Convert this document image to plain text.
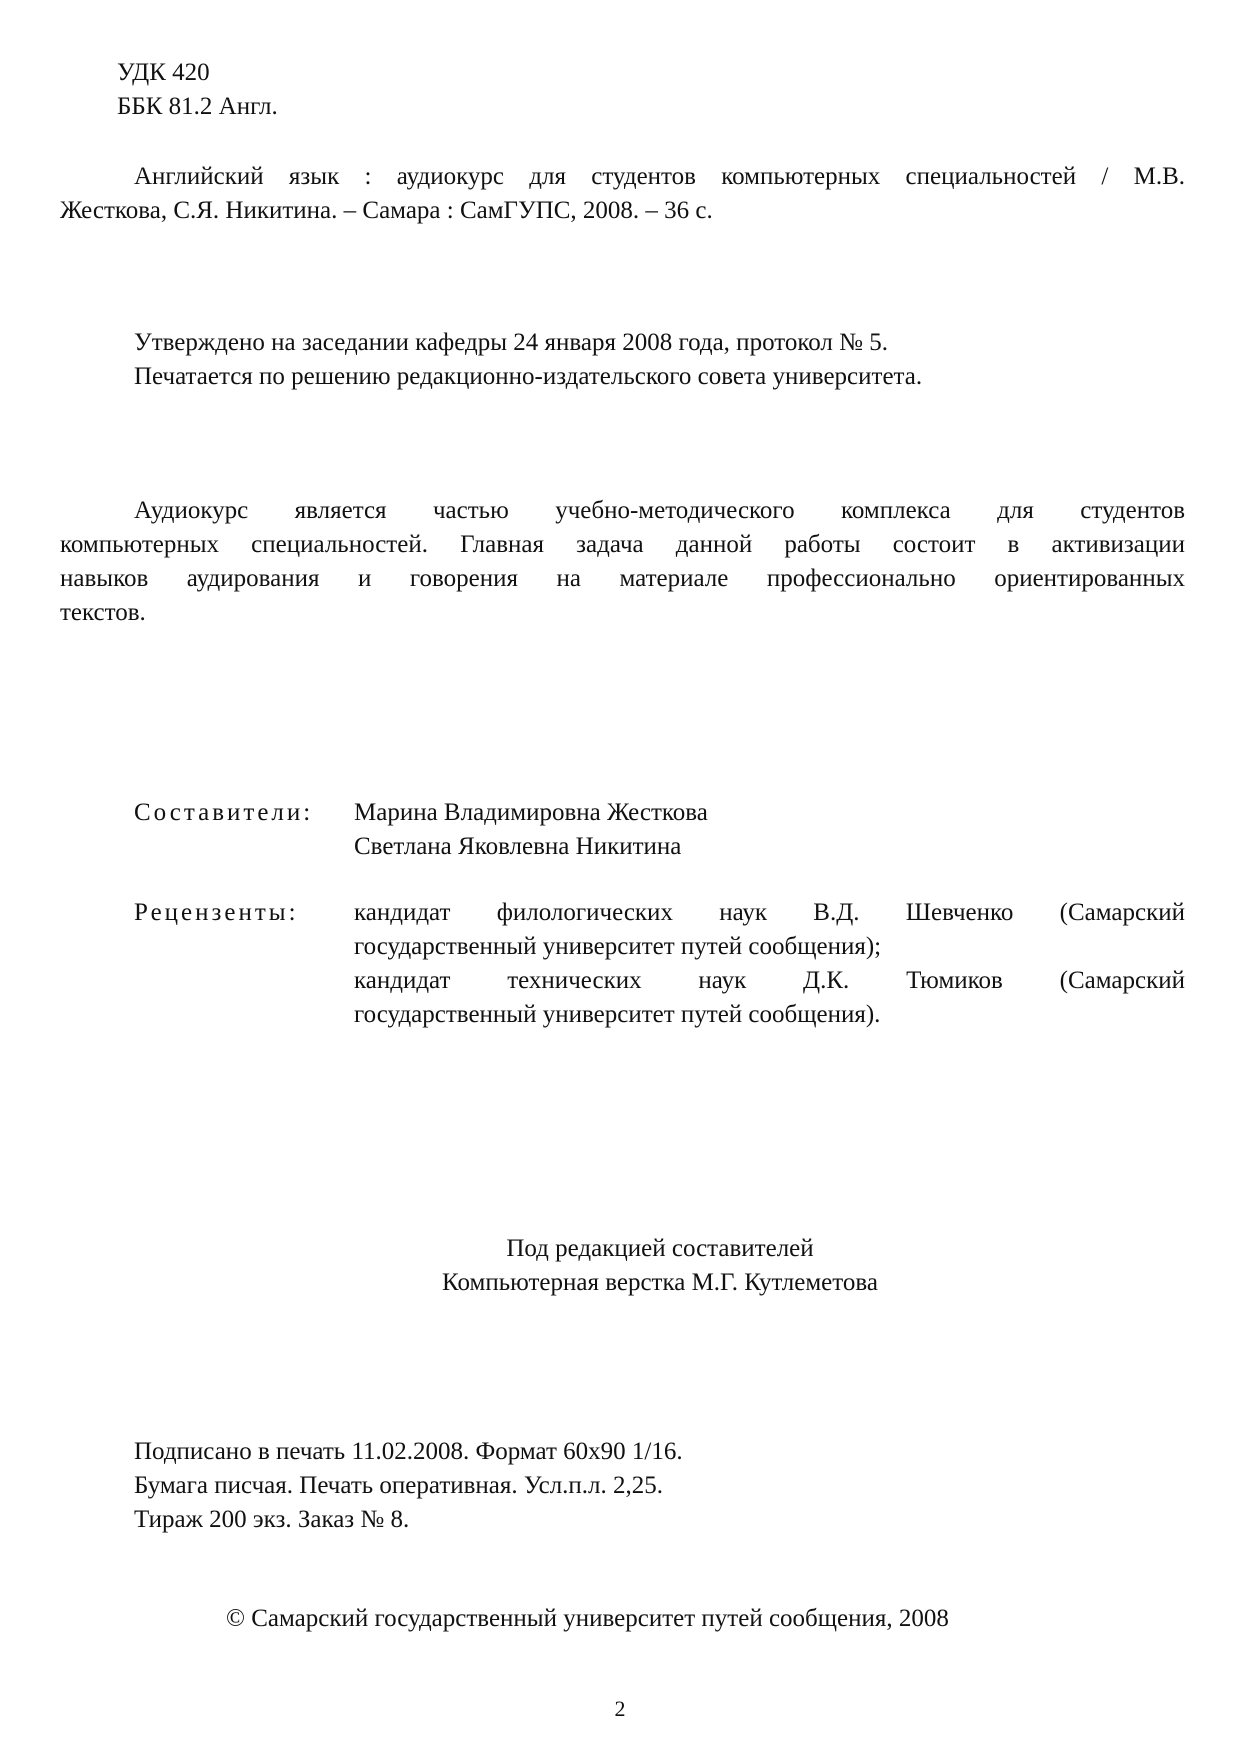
УДК 420
ББК 81.2 Англ.
Английский язык : аудиокурс для студентов компьютерных специальностей / М.В.
Жесткова, С.Я. Никитина. – Самара : СамГУПС, 2008. – 36 с.
Утверждено на заседании кафедры 24 января 2008 года, протокол № 5.
Печатается по решению редакционно-издательского совета университета.
Аудиокурс является частью учебно-методического комплекса для студентов
компьютерных специальностей. Главная задача данной работы состоит в активизации
навыков аудирования и говорения на материале профессионально ориентированных
текстов.
Составители: Марина Владимировна Жесткова
Светлана Яковлевна Никитина
Рецензенты: кандидат филологических наук В.Д. Шевченко (Самарский
государственный университет путей сообщения);
кандидат технических наук Д.К. Тюмиков (Самарский
государственный университет путей сообщения).
Под редакцией составителей
Компьютерная верстка М.Г. Кутлеметова
Подписано в печать 11.02.2008. Формат 60х90 1/16.
Бумага писчая. Печать оперативная. Усл.п.л. 2,25.
Тираж 200 экз. Заказ № 8.
© Самарский государственный университет путей сообщения, 2008
2
